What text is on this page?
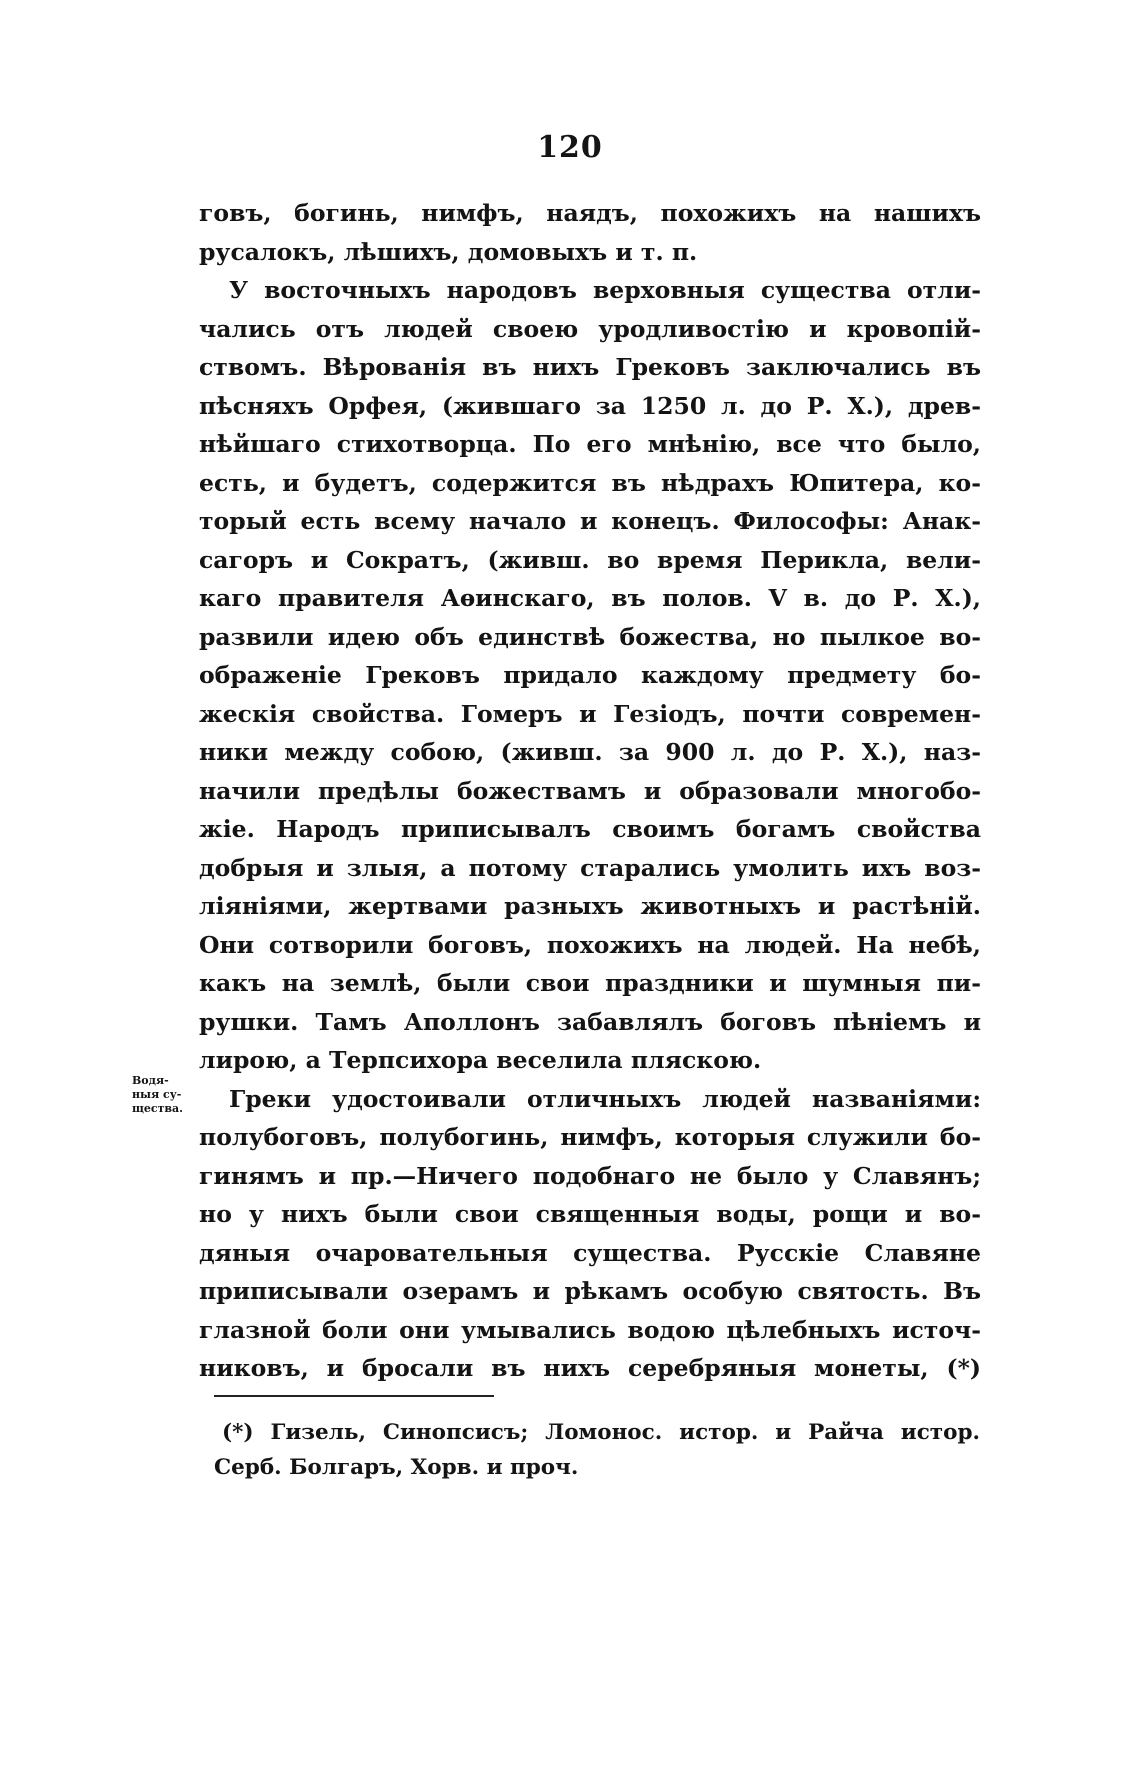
120
говъ, богинь, нимфъ, наядъ, похожихъ на нашихъ
русалокъ, лѣшихъ, домовыхъ и т. п.
У восточныхъ народовъ верховныя существа отли-
чались отъ людей своею уродливостію и кровопій-
ствомъ. Вѣрованія въ нихъ Грековъ заключались въ
пѣсняхъ Орфея, (жившаго за 1250 л. до Р. Х.), древ-
нѣйшаго стихотворца. По его мнѣнію, все что было,
есть, и будетъ, содержится въ нѣдрахъ Юпитера, ко-
торый есть всему начало и конецъ. Философы: Анак-
сагоръ и Сократъ, (живш. во время Перикла, вели-
каго правителя Аѳинскаго, въ полов. V в. до Р. Х.),
развили идею объ единствѣ божества, но пылкое во-
ображеніе Грековъ придало каждому предмету бо-
жескія свойства. Гомеръ и Гезіодъ, почти современ-
ники между собою, (живш. за 900 л. до Р. Х.), наз-
начили предѣлы божествамъ и образовали многобо-
жіе. Народъ приписывалъ своимъ богамъ свойства
добрыя и злыя, а потому старались умолить ихъ воз-
ліяніями, жертвами разныхъ животныхъ и растѣній.
Они сотворили боговъ, похожихъ на людей. На небѣ,
какъ на землѣ, были свои праздники и шумныя пи-
рушки. Тамъ Аполлонъ забавлялъ боговъ пѣніемъ и
лирою, а Терпсихора веселила пляскою.
Греки удостоивали отличныхъ людей названіями:
полубоговъ, полубогинь, нимфъ, которыя служили бо-
гинямъ и пр.—Ничего подобнаго не было у Славянъ;
но у нихъ были свои священныя воды, рощи и во-
дяныя очаровательныя существа. Русскіе Славяне
приписывали озерамъ и рѣкамъ особую святость. Въ
глазной боли они умывались водою цѣлебныхъ источ-
никовъ, и бросали въ нихъ серебряныя монеты, (*)
Водя-
ныя су-
щества.
(*) Гизель, Синопсисъ; Ломонос. истор. и Райча истор.
Серб. Болгаръ, Хорв. и проч.
